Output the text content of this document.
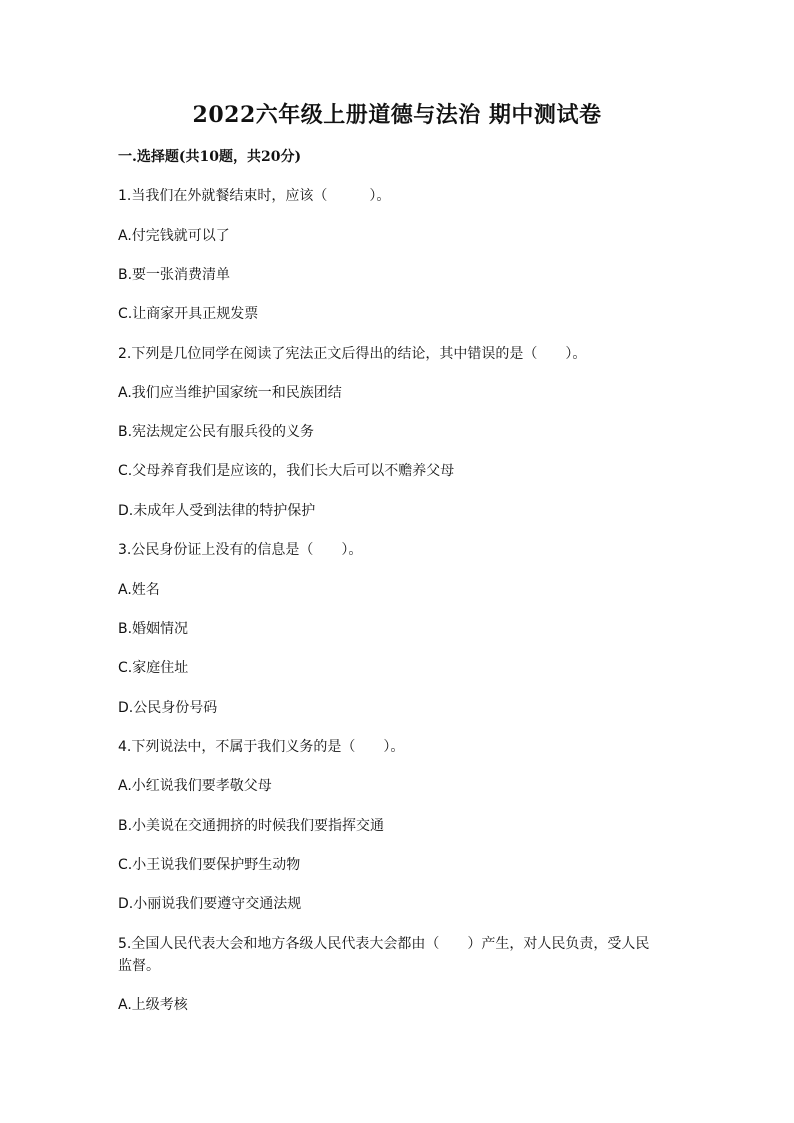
2022六年级上册道德与法治 期中测试卷
一.选择题(共10题，共20分)
1.当我们在外就餐结束时，应该（　　　）。
A.付完钱就可以了
B.要一张消费清单
C.让商家开具正规发票
2.下列是几位同学在阅读了宪法正文后得出的结论，其中错误的是（　　）。
A.我们应当维护国家统一和民族团结
B.宪法规定公民有服兵役的义务
C.父母养育我们是应该的，我们长大后可以不赡养父母
D.未成年人受到法律的特护保护
3.公民身份证上没有的信息是（　　）。
A.姓名
B.婚姻情况
C.家庭住址
D.公民身份号码
4.下列说法中，不属于我们义务的是（　　）。
A.小红说我们要孝敬父母
B.小美说在交通拥挤的时候我们要指挥交通
C.小王说我们要保护野生动物
D.小丽说我们要遵守交通法规
5.全国人民代表大会和地方各级人民代表大会都由（　　）产生，对人民负责，受人民监督。
A.上级考核
